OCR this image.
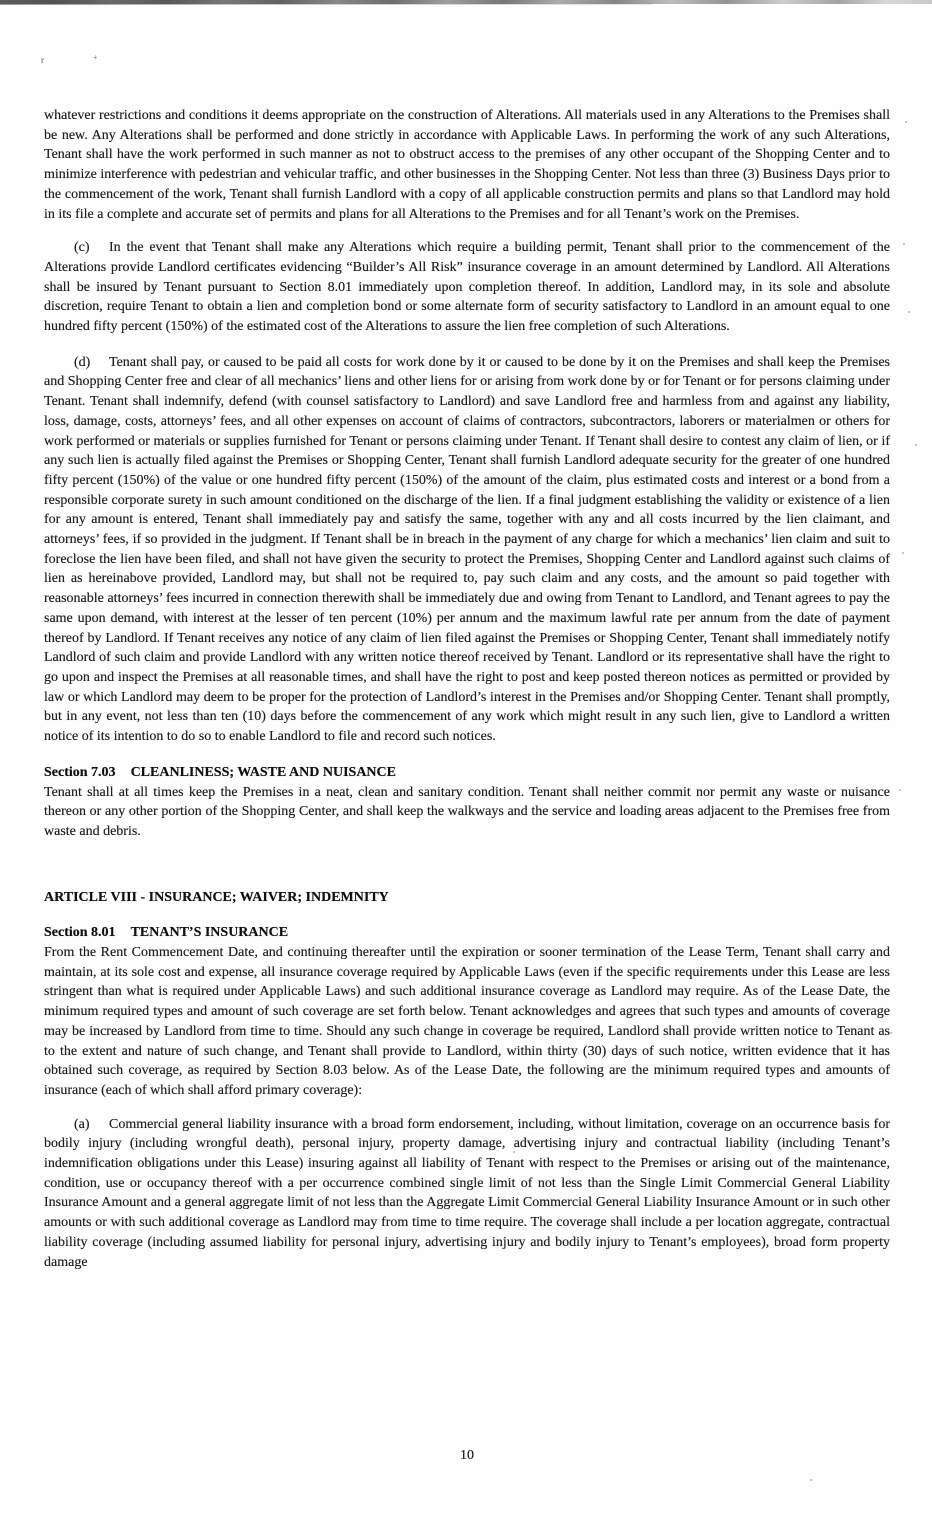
r	+

whatever restrictions and conditions it deems appropriate on the construction of Alterations. All materials used in any Alterations to the Premises shall be new. Any Alterations shall be performed and done strictly in accordance with Applicable Laws. In performing the work of any such Alterations, Tenant shall have the work performed in such manner as not to obstruct access to the premises of any other occupant of the Shopping Center and to minimize interference with pedestrian and vehicular traffic, and other businesses in the Shopping Center. Not less than three (3) Business Days prior to the commencement of the work, Tenant shall furnish Landlord with a copy of all applicable construction permits and plans so that Landlord may hold in its file a complete and accurate set of permits and plans for all Alterations to the Premises and for all Tenant’s work on the Premises.

(c) In the event that Tenant shall make any Alterations which require a building permit, Tenant shall prior to the commencement of the Alterations provide Landlord certificates evidencing “Builder’s All Risk” insurance coverage in an amount determined by Landlord. All Alterations shall be insured by Tenant pursuant to Section 8.01 immediately upon completion thereof. In addition, Landlord may, in its sole and absolute discretion, require Tenant to obtain a lien and completion bond or some alternate form of security satisfactory to Landlord in an amount equal to one hundred fifty percent (150%) of the estimated cost of the Alterations to assure the lien free completion of such Alterations.

(d) Tenant shall pay, or caused to be paid all costs for work done by it or caused to be done by it on the Premises and shall keep the Premises and Shopping Center free and clear of all mechanics’ liens and other liens for or arising from work done by or for Tenant or for persons claiming under Tenant. Tenant shall indemnify, defend (with counsel satisfactory to Landlord) and save Landlord free and harmless from and against any liability, loss, damage, costs, attorneys’ fees, and all other expenses on account of claims of contractors, subcontractors, laborers or materialmen or others for work performed or materials or supplies furnished for Tenant or persons claiming under Tenant. If Tenant shall desire to contest any claim of lien, or if any such lien is actually filed against the Premises or Shopping Center, Tenant shall furnish Landlord adequate security for the greater of one hundred fifty percent (150%) of the value or one hundred fifty percent (150%) of the amount of the claim, plus estimated costs and interest or a bond from a responsible corporate surety in such amount conditioned on the discharge of the lien. If a final judgment establishing the validity or existence of a lien for any amount is entered, Tenant shall immediately pay and satisfy the same, together with any and all costs incurred by the lien claimant, and attorneys’ fees, if so provided in the judgment. If Tenant shall be in breach in the payment of any charge for which a mechanics’ lien claim and suit to foreclose the lien have been filed, and shall not have given the security to protect the Premises, Shopping Center and Landlord against such claims of lien as hereinabove provided, Landlord may, but shall not be required to, pay such claim and any costs, and the amount so paid together with reasonable attorneys’ fees incurred in connection therewith shall be immediately due and owing from Tenant to Landlord, and Tenant agrees to pay the same upon demand, with interest at the lesser of ten percent (10%) per annum and the maximum lawful rate per annum from the date of payment thereof by Landlord. If Tenant receives any notice of any claim of lien filed against the Premises or Shopping Center, Tenant shall immediately notify Landlord of such claim and provide Landlord with any written notice thereof received by Tenant. Landlord or its representative shall have the right to go upon and inspect the Premises at all reasonable times, and shall have the right to post and keep posted thereon notices as permitted or provided by law or which Landlord may deem to be proper for the protection of Landlord’s interest in the Premises and/or Shopping Center. Tenant shall promptly, but in any event, not less than ten (10) days before the commencement of any work which might result in any such lien, give to Landlord a written notice of its intention to do so to enable Landlord to file and record such notices.

Section 7.03 CLEANLINESS; WASTE AND NUISANCE

Tenant shall at all times keep the Premises in a neat, clean and sanitary condition. Tenant shall neither commit nor permit any waste or nuisance thereon or any other portion of the Shopping Center, and shall keep the walkways and the service and loading areas adjacent to the Premises free from waste and debris.

ARTICLE VIII - INSURANCE; WAIVER; INDEMNITY

Section 8.01 TENANT’S INSURANCE

From the Rent Commencement Date, and continuing thereafter until the expiration or sooner termination of the Lease Term, Tenant shall carry and maintain, at its sole cost and expense, all insurance coverage required by Applicable Laws (even if the specific requirements under this Lease are less stringent than what is required under Applicable Laws) and such additional insurance coverage as Landlord may require. As of the Lease Date, the minimum required types and amount of such coverage are set forth below. Tenant acknowledges and agrees that such types and amounts of coverage may be increased by Landlord from time to time. Should any such change in coverage be required, Landlord shall provide written notice to Tenant as to the extent and nature of such change, and Tenant shall provide to Landlord, within thirty (30) days of such notice, written evidence that it has obtained such coverage, as required by Section 8.03 below. As of the Lease Date, the following are the minimum required types and amounts of insurance (each of which shall afford primary coverage):

(a) Commercial general liability insurance with a broad form endorsement, including, without limitation, coverage on an occurrence basis for bodily injury (including wrongful death), personal injury, property damage, advertising injury and contractual liability (including Tenant’s indemnification obligations under this Lease) insuring against all liability of Tenant with respect to the Premises or arising out of the maintenance, condition, use or occupancy thereof with a per occurrence combined single limit of not less than the Single Limit Commercial General Liability Insurance Amount and a general aggregate limit of not less than the Aggregate Limit Commercial General Liability Insurance Amount or in such other amounts or with such additional coverage as Landlord may from time to time require. The coverage shall include a per location aggregate, contractual liability coverage (including assumed liability for personal injury, advertising injury and bodily injury to Tenant’s employees), broad form property damage

10
